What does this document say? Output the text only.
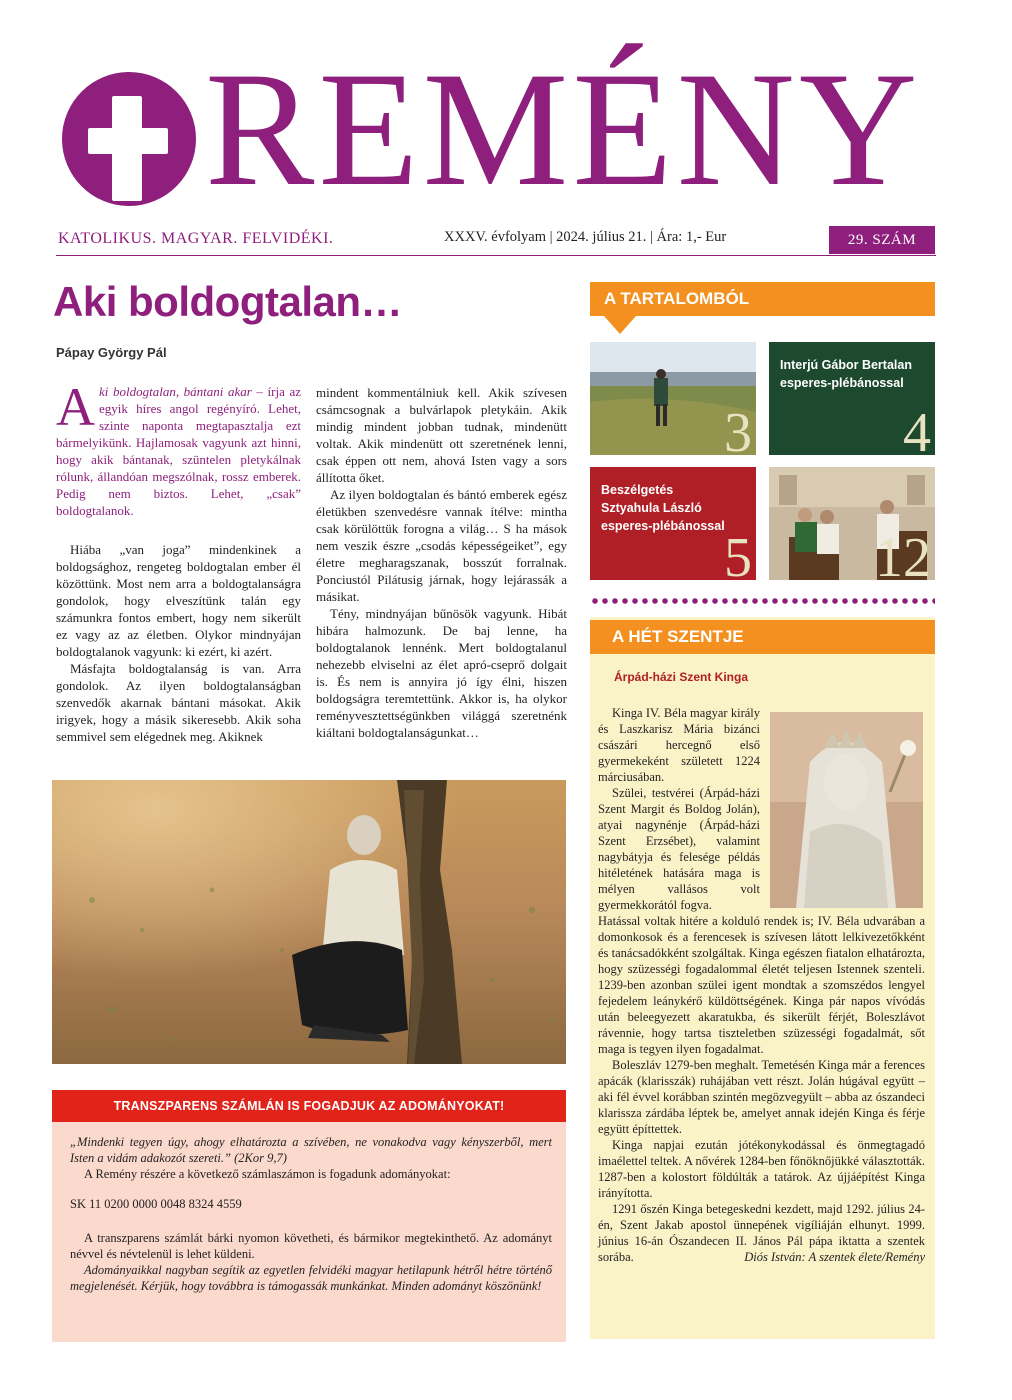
REMÉNY
KATOLIKUS. MAGYAR. FELVIDÉKI.	XXXV. évfolyam | 2024. július 21. | Ára: 1,- Eur	29. SZÁM
Aki boldogtalan…
Pápay György Pál
Aki boldogtalan, bántani akar – írja az egyik híres angol regényíró. Lehet, szinte naponta megtapasztalja ezt bármelyikünk. Hajlamosak vagyunk azt hinni, hogy akik bántanak, szüntelen pletykálnak rólunk, állandóan megszólnak, rossz emberek. Pedig nem biztos. Lehet, „csak” boldogtalanok.

Hiába „van joga” mindenkinek a boldogsághoz, rengeteg boldogtalan ember él közöttünk. Most nem arra a boldogtalanságra gondolok, hogy elveszítünk talán egy számunkra fontos embert, hogy nem sikerült ez vagy az az életben. Olykor mindnyájan boldogtalanok vagyunk: ki ezért, ki azért.

Másfajta boldogtalanság is van. Arra gondolok. Az ilyen boldogtalanságban szenvedők akarnak bántani másokat. Akik irigyek, hogy a másik sikeresebb. Akik soha semmivel sem elégednek meg. Akiknek

mindent kommentálniuk kell. Akik szívesen csámcsognak a bulvárlapok pletykáin. Akik mindig mindent jobban tudnak, mindenütt voltak. Akik mindenütt ott szeretnének lenni, csak éppen ott nem, ahová Isten vagy a sors állította őket.

Az ilyen boldogtalan és bántó emberek egész életükben szenvedésre vannak ítélve: mintha csak körülöttük forogna a világ… S ha mások nem veszik észre „csodás képességeiket”, egy életre megharagszanak, bosszút forralnak. Ponciustól Pilátusig járnak, hogy lejárassák a másikat.

Tény, mindnyájan bűnösök vagyunk. Hibát hibára halmozunk. De baj lenne, ha boldogtalanok lennénk. Mert boldogtalanul nehezebb elviselni az élet apró-cseprő dolgait is. És nem is annyira jó így élni, hiszen boldogságra teremtettünk. Akkor is, ha olykor reményvesztettségünkben világgá szeretnénk kiáltani boldogtalanságunkat…

TRANSZPARENS SZÁMLÁN IS FOGADJUK AZ ADOMÁNYOKAT!

„Mindenki tegyen úgy, ahogy elhatározta a szívében, ne vonakodva vagy kényszerből, mert Isten a vidám adakozót szereti.” (2Kor 9,7)

A Remény részére a következő számlaszámon is fogadunk adományokat:

SK 11 0200 0000 0048 8324 4559

A transzparens számlát bárki nyomon követheti, és bármikor megtekinthető. Az adományt névvel és névtelenül is lehet küldeni.

Adományaikkal nagyban segítik az egyetlen felvidéki magyar hetilapunk hétről hétre történő megjelenését. Kérjük, hogy továbbra is támogassák munkánkat. Minden adományt köszönünk!

A TARTALOMBÓL
3
Interjú Gábor Bertalan esperes-plébánossal
4
Beszélgetés Sztyahula László esperes-plébánossal
5 12
A HÉT SZENTJE
Árpád-házi Szent Kinga

Kinga IV. Béla magyar király és Laszkarisz Mária bizánci császári hercegnő első gyermekeként született 1224 márciusában.

Szülei, testvérei (Árpád-házi Szent Margit és Boldog Jolán), atyai nagynénje (Árpád-házi Szent Erzsébet), valamint nagybátyja és felesége példás hitéletének hatására maga is mélyen vallásos volt gyermekkorától fogva.

Hatással voltak hitére a kolduló rendek is; IV. Béla udvarában a domonkosok és a ferencesek is szívesen látott lelkivezetőkként és tanácsadókként szolgáltak. Kinga egészen fiatalon elhatározta, hogy szüzességi fogadalommal életét teljesen Istennek szenteli. 1239-ben azonban szülei igent mondtak a szomszédos lengyel fejedelem leánykérő küldöttségének. Kinga pár napos vívódás után beleegyezett akaratukba, és sikerült férjét, Boleszlávot rávennie, hogy tartsa tiszteletben szüzességi fogadalmát, sőt maga is tegyen ilyen fogadalmat.

Boleszláv 1279-ben meghalt. Temetésén Kinga már a ferences apácák (klarisszák) ruhájában vett részt. Jolán húgával együtt – aki fél évvel korábban szintén megözvegyült – abba az ószandeci klarissza zárdába léptek be, amelyet annak idején Kinga és férje együtt építtettek.

Kinga napjai ezután jótékonykodással és önmegtagadó imaélettel teltek. A nővérek 1284-ben főnöknőjükké választották. 1287-ben a kolostort földúlták a tatárok. Az újjáépítést Kinga irányította.

1291 őszén Kinga betegeskedni kezdett, majd 1292. július 24-én, Szent Jakab apostol ünnepének vigíliáján elhunyt. 1999. június 16-án Ószandecen II. János Pál pápa iktatta a szentek sorába.	Diós István: A szentek élete/Remény
